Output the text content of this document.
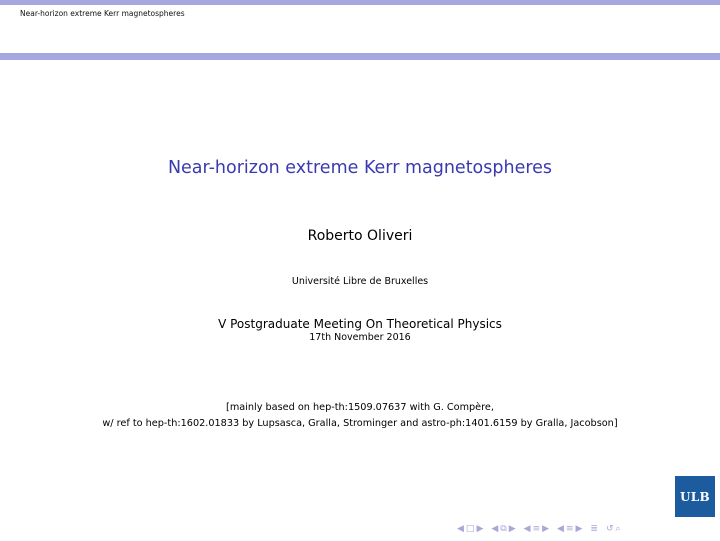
Near-horizon extreme Kerr magnetospheres
Near-horizon extreme Kerr magnetospheres
Roberto Oliveri
Université Libre de Bruxelles
V Postgraduate Meeting On Theoretical Physics
17th November 2016
[mainly based on hep-th:1509.07637 with G. Compère,
w/ ref to hep-th:1602.01833 by Lupsasca, Gralla, Strominger and astro-ph:1401.6159 by Gralla, Jacobson]
ULB
◀ □ ▶ ◀ ⧉ ▶ ◀ ≡ ▶ ◀ ≡ ▶ ≣ ↺ ⌕
